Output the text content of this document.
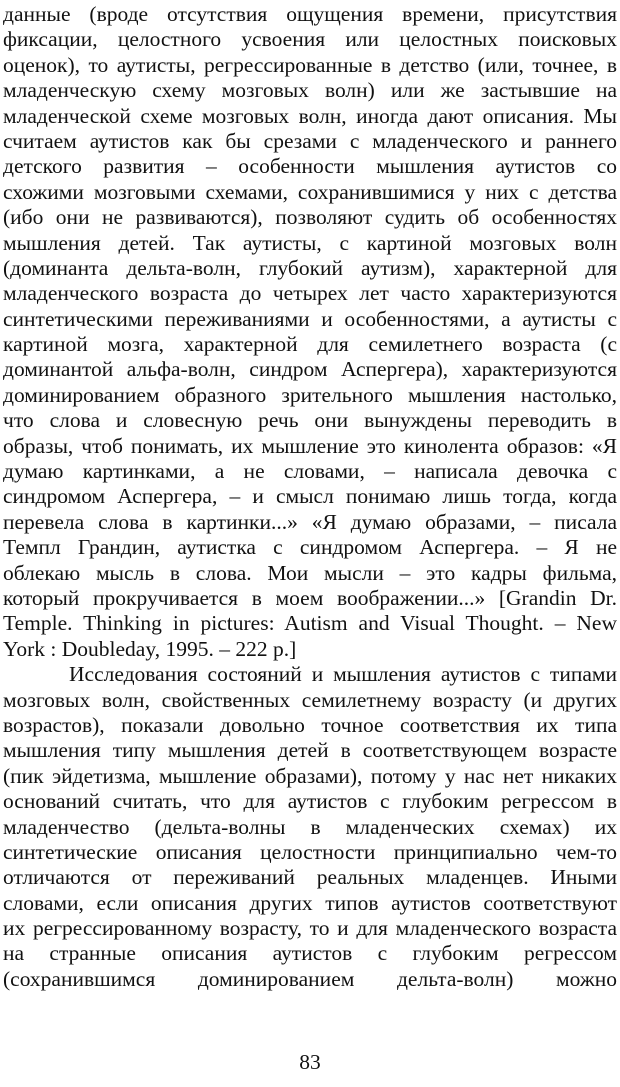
данные (вроде отсутствия ощущения времени, присутствия
фиксации, целостного усвоения или целостных поисковых
оценок), то аутисты, регрессированные в детство (или, точнее, в
младенческую схему мозговых волн) или же застывшие на
младенческой схеме мозговых волн, иногда дают описания. Мы
считаем аутистов как бы срезами с младенческого и раннего
детского развития – особенности мышления аутистов со
схожими мозговыми схемами, сохранившимися у них с детства
(ибо они не развиваются), позволяют судить об особенностях
мышления детей. Так аутисты, с картиной мозговых волн
(доминанта дельта-волн, глубокий аутизм), характерной для
младенческого возраста до четырех лет часто характеризуются
синтетическими переживаниями и особенностями, а аутисты с
картиной мозга, характерной для семилетнего возраста (с
доминантой альфа-волн, синдром Аспергера), характеризуются
доминированием образного зрительного мышления настолько,
что слова и словесную речь они вынуждены переводить в
образы, чтоб понимать, их мышление это кинолента образов: «Я
думаю картинками, а не словами, – написала девочка с
синдромом Аспергера, – и смысл понимаю лишь тогда, когда
перевела слова в картинки...» «Я думаю образами, – писала
Темпл Грандин, аутистка с синдромом Аспергера. – Я не
облекаю мысль в слова. Мои мысли – это кадры фильма,
который прокручивается в моем воображении...» [Grandin Dr.
Temple. Thinking in pictures: Autism and Visual Thought. – New
York : Doubleday, 1995. – 222 p.]
Исследования состояний и мышления аутистов с типами
мозговых волн, свойственных семилетнему возрасту (и других
возрастов), показали довольно точное соответствия их типа
мышления типу мышления детей в соответствующем возрасте
(пик эйдетизма, мышление образами), потому у нас нет никаких
оснований считать, что для аутистов с глубоким регрессом в
младенчество (дельта-волны в младенческих схемах) их
синтетические описания целостности принципиально чем-то
отличаются от переживаний реальных младенцев. Иными
словами, если описания других типов аутистов соответствуют
их регрессированному возрасту, то и для младенческого возраста
на странные описания аутистов с глубоким регрессом
(сохранившимся доминированием дельта-волн) можно
83
